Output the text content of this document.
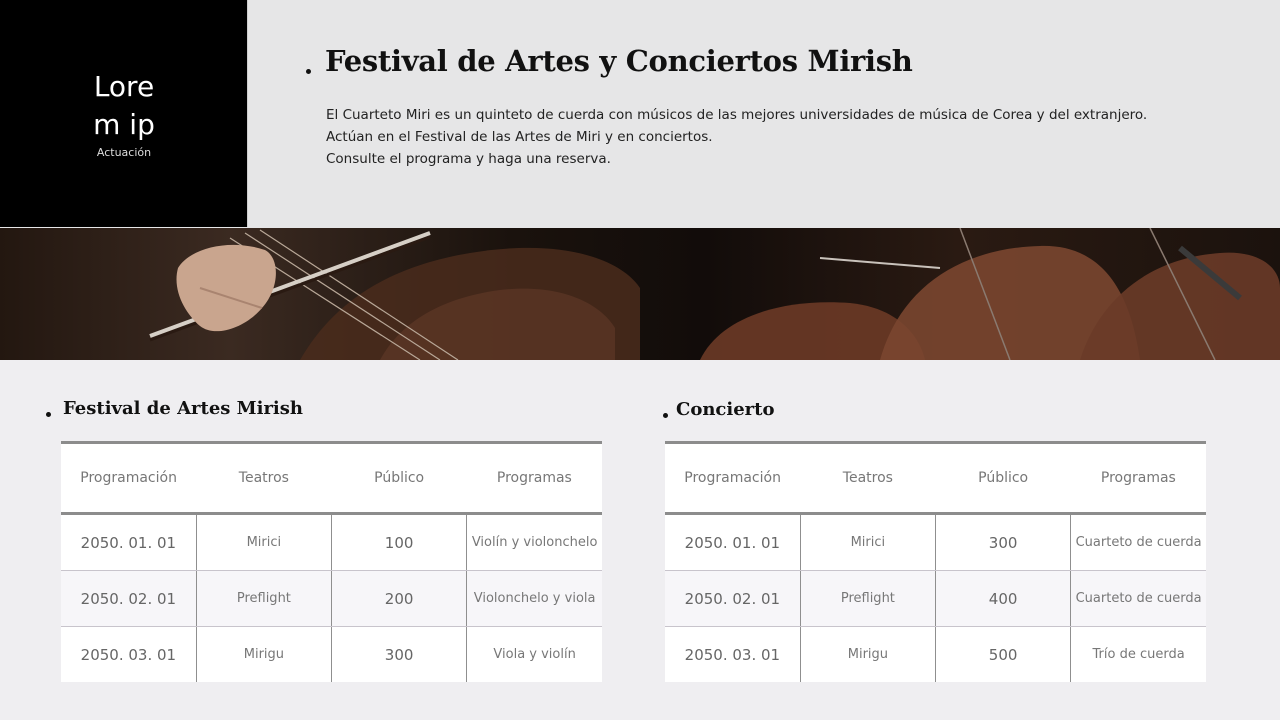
Lore
m ip
Actuación
Festival de Artes y Conciertos Mirish
El Cuarteto Miri es un quinteto de cuerda con músicos de las mejores universidades de música de Corea y del extranjero.
Actúan en el Festival de las Artes de Miri y en conciertos.
Consulte el programa y haga una reserva.
Festival de Artes Mirish
Programación	Teatros	Público	Programas
2050. 01. 01	Mirici	100	Violín y violonchelo
2050. 02. 01	Preflight	200	Violonchelo y viola
2050. 03. 01	Mirigu	300	Viola y violín
Concierto
Programación	Teatros	Público	Programas
2050. 01. 01	Mirici	300	Cuarteto de cuerda
2050. 02. 01	Preflight	400	Cuarteto de cuerda
2050. 03. 01	Mirigu	500	Trío de cuerda
